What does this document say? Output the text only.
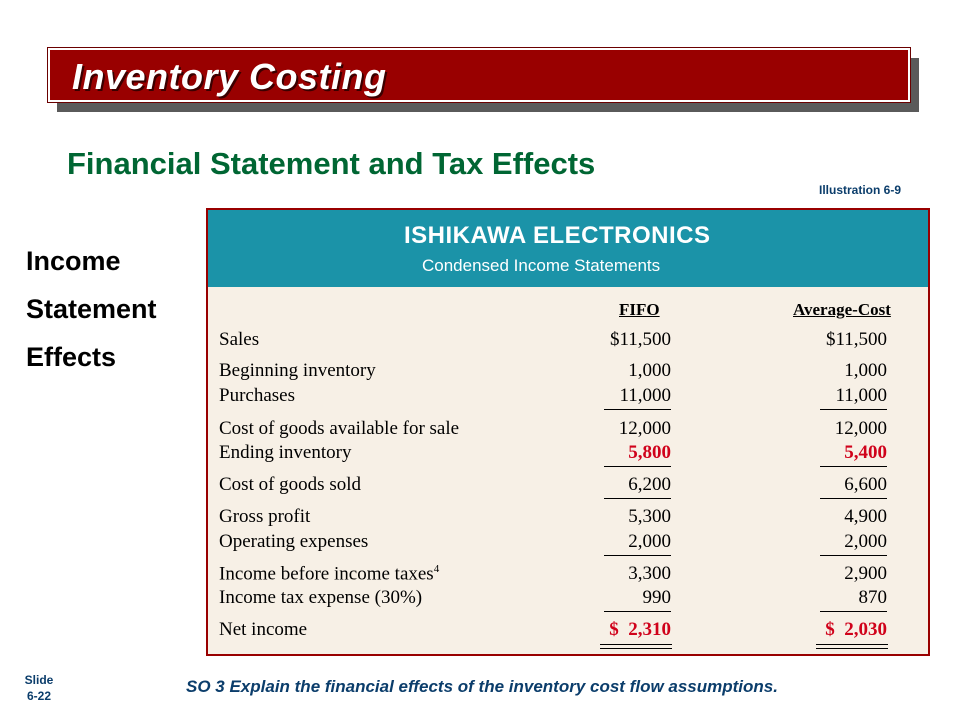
Inventory Costing
Financial Statement and Tax Effects
Illustration 6-9
Income
Statement
Effects
ISHIKAWA ELECTRONICS
Condensed Income Statements
FIFO	Average-Cost
Sales	$11,500	$11,500
Beginning inventory	1,000	1,000
Purchases	11,000	11,000
Cost of goods available for sale	12,000	12,000
Ending inventory	5,800	5,400
Cost of goods sold	6,200	6,600
Gross profit	5,300	4,900
Operating expenses	2,000	2,000
Income before income taxes$^4$	3,300	2,900
Income tax expense (30%)	990	870
Net income	$  2,310	$  2,030
Slide
6-22	SO 3 Explain the financial effects of the inventory cost flow assumptions.
